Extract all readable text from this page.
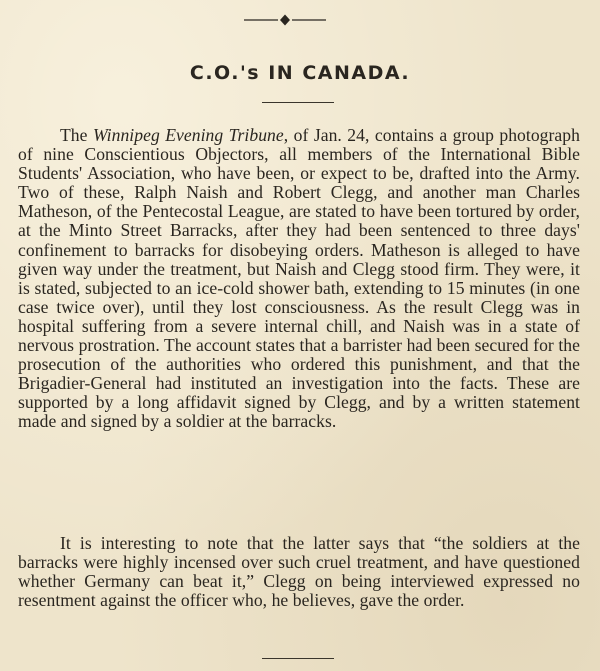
C.O.'s IN CANADA.

The Winnipeg Evening Tribune, of Jan. 24, contains a group photograph of nine Conscientious Objectors, all members of the International Bible Students' Association, who have been, or expect to be, drafted into the Army. Two of these, Ralph Naish and Robert Clegg, and another man Charles Matheson, of the Pentecostal League, are stated to have been tortured by order, at the Minto Street Barracks, after they had been sentenced to three days' confinement to barracks for disobeying orders. Matheson is alleged to have given way under the treatment, but Naish and Clegg stood firm. They were, it is stated, subjected to an ice-cold shower bath, extending to 15 minutes (in one case twice over), until they lost consciousness. As the result Clegg was in hospital suffering from a severe internal chill, and Naish was in a state of nervous prostration. The account states that a barrister had been secured for the prosecution of the authorities who ordered this punishment, and that the Brigadier-General had instituted an investigation into the facts. These are supported by a long affidavit signed by Clegg, and by a written statement made and signed by a soldier at the barracks.

It is interesting to note that the latter says that “the soldiers at the barracks were highly incensed over such cruel treatment, and have questioned whether Germany can beat it,” Clegg on being interviewed expressed no resentment against the officer who, he believes, gave the order.
